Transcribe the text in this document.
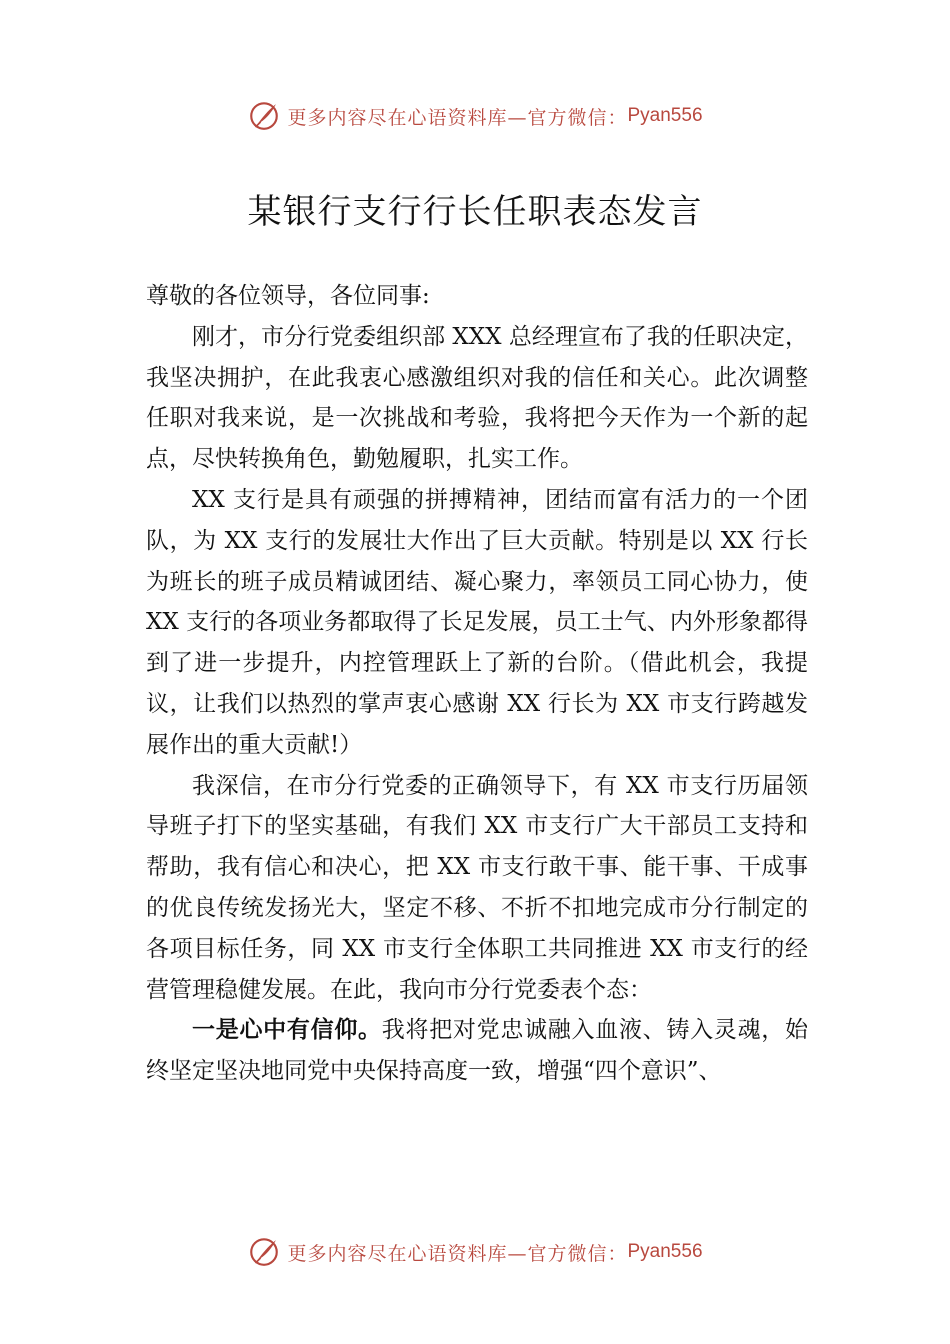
更多内容尽在心语资料库—官方微信： Pyan556
某银行支行行长任职表态发言

尊敬的各位领导，各位同事:

刚才，市分行党委组织部 XXX 总经理宣布了我的任职决定，我坚决拥护，在此我衷心感激组织对我的信任和关心。此次调整任职对我来说，是一次挑战和考验，我将把今天作为一个新的起点，尽快转换角色，勤勉履职，扎实工作。

XX 支行是具有顽强的拼搏精神，团结而富有活力的一个团队，为 XX 支行的发展壮大作出了巨大贡献。特别是以 XX 行长为班长的班子成员精诚团结、凝心聚力，率领员工同心协力，使 XX 支行的各项业务都取得了长足发展，员工士气、内外形象都得到了进一步提升，内控管理跃上了新的台阶。（借此机会，我提议，让我们以热烈的掌声衷心感谢 XX 行长为 XX 市支行跨越发展作出的重大贡献!）

我深信，在市分行党委的正确领导下，有 XX 市支行历届领导班子打下的坚实基础，有我们 XX 市支行广大干部员工支持和帮助，我有信心和决心，把 XX 市支行敢干事、能干事、干成事的优良传统发扬光大，坚定不移、不折不扣地完成市分行制定的各项目标任务，同 XX 市支行全体职工共同推进 XX 市支行的经营管理稳健发展。在此，我向市分行党委表个态：

一是心中有信仰。我将把对党忠诚融入血液、铸入灵魂，始终坚定坚决地同党中央保持高度一致，增强“四个意识”、

更多内容尽在心语资料库—官方微信： Pyan556
